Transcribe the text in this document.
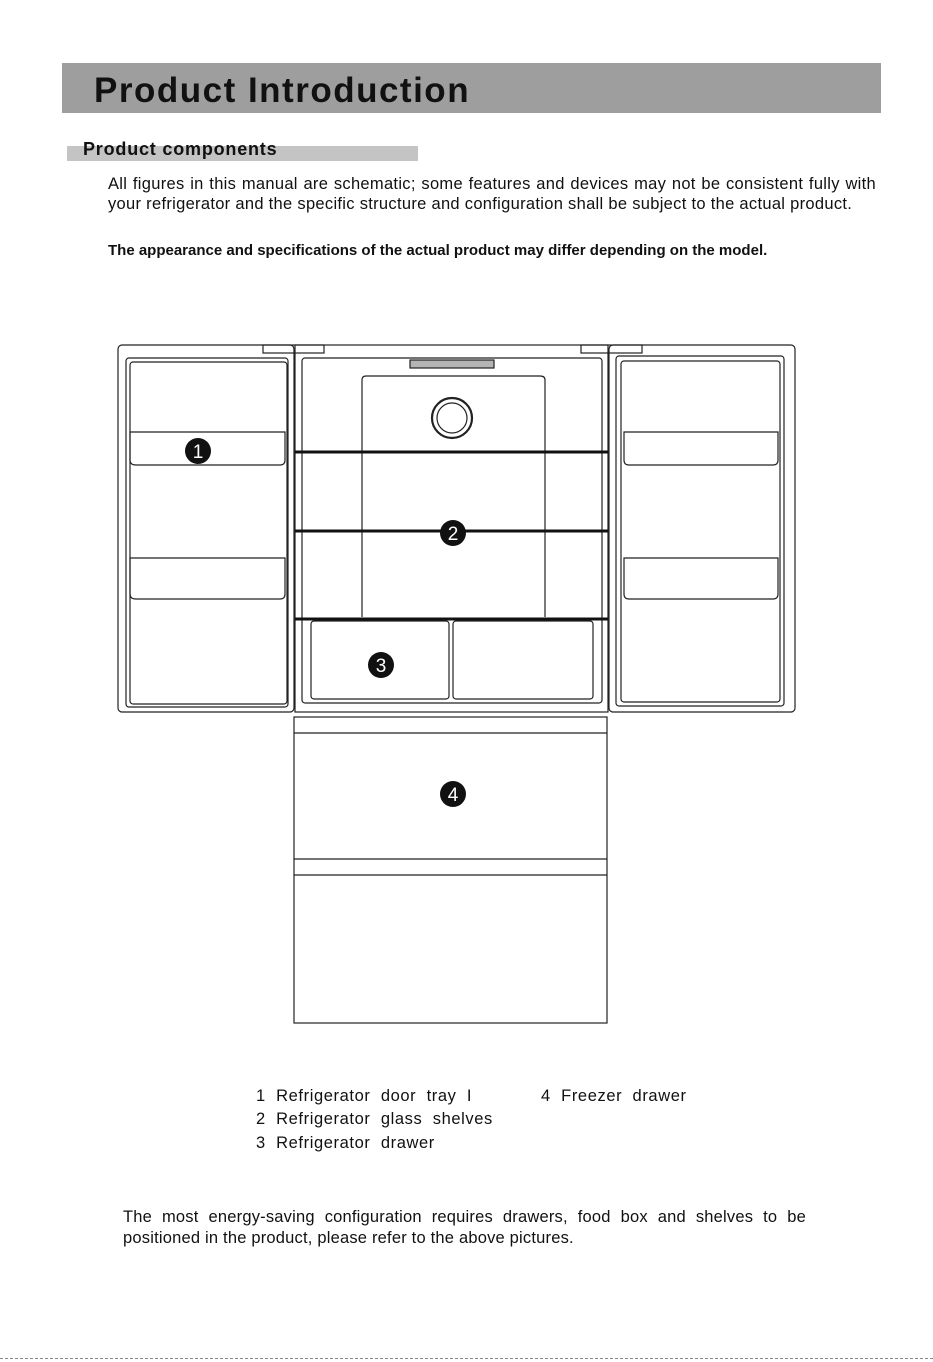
Product Introduction
Product components
All figures in this manual are schematic; some features and devices may not be consistent fully with your refrigerator and the specific structure and configuration shall be subject to the actual product.
The appearance and specifications of the actual product may differ depending on the model.
1
2
3
4
1  Refrigerator  door  tray  I
2  Refrigerator  glass  shelves
3  Refrigerator  drawer
4  Freezer  drawer
The most energy-saving configuration requires drawers, food box and shelves to be positioned in the product, please refer to the above pictures.
